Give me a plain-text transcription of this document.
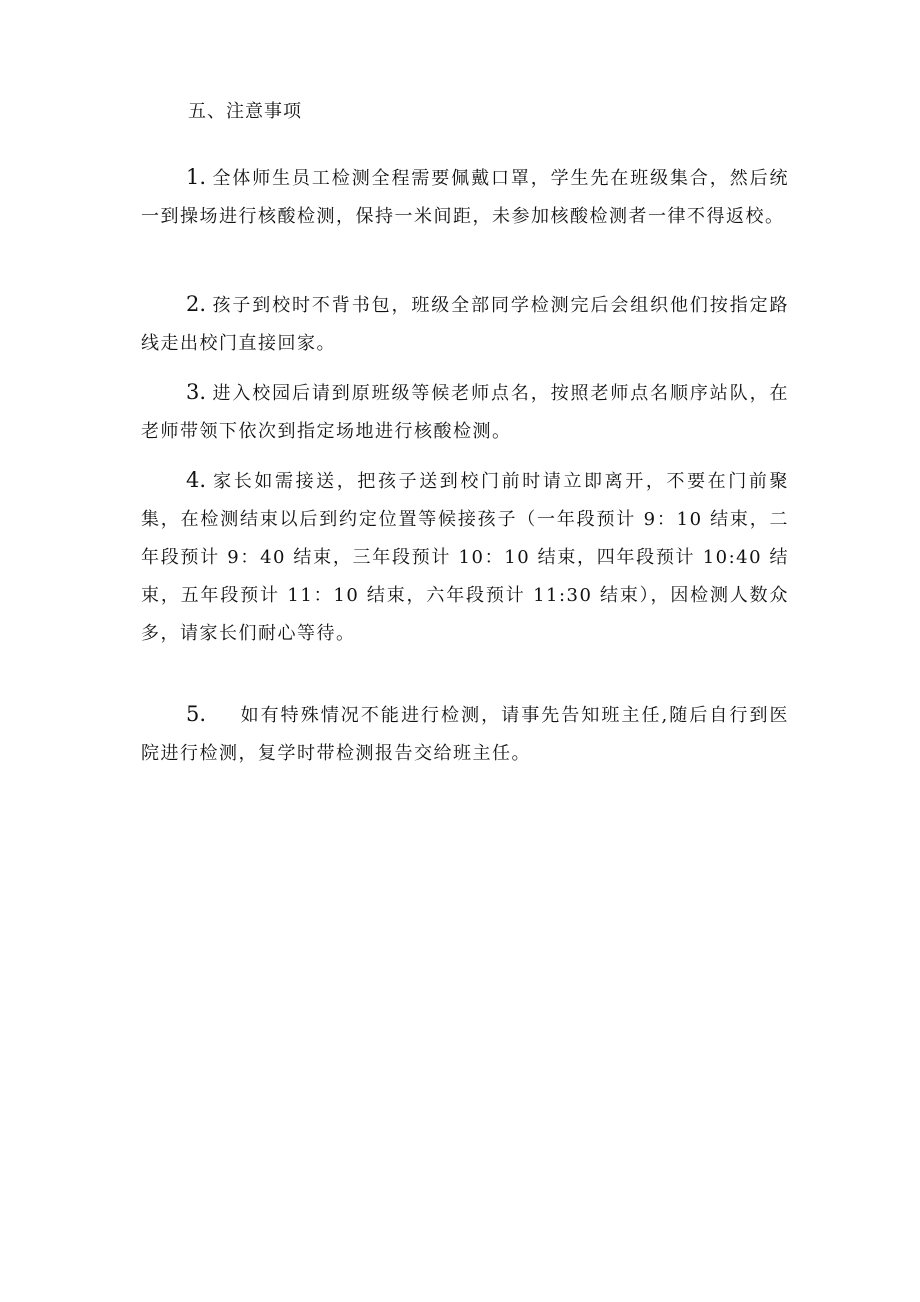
五、注意事项

1. 全体师生员工检测全程需要佩戴口罩，学生先在班级集合，然后统一到操场进行核酸检测，保持一米间距，未参加核酸检测者一律不得返校。

2. 孩子到校时不背书包，班级全部同学检测完后会组织他们按指定路线走出校门直接回家。

3. 进入校园后请到原班级等候老师点名，按照老师点名顺序站队，在老师带领下依次到指定场地进行核酸检测。

4. 家长如需接送，把孩子送到校门前时请立即离开，不要在门前聚集，在检测结束以后到约定位置等候接孩子（一年段预计 9：10 结束，二年段预计 9：40 结束，三年段预计 10：10 结束，四年段预计 10:40 结束，五年段预计 11：10 结束，六年段预计 11:30 结束），因检测人数众多，请家长们耐心等待。

5. 如有特殊情况不能进行检测，请事先告知班主任,随后自行到医院进行检测，复学时带检测报告交给班主任。
